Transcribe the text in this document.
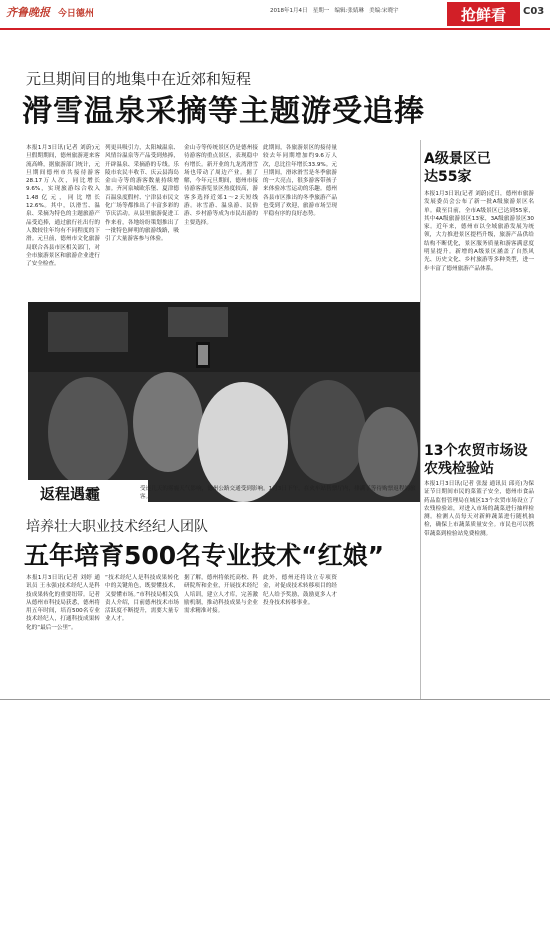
齐鲁晚报 今日德州	2018年1月4日 星期一 编辑:张婧琳 美编:宋晓宇	抢鲜看	C03
元旦期间目的地集中在近郊和短程
滑雪温泉采摘等主题游受追捧
本报1月3日讯(记者 刘蔚)元旦假期期间，德州旅游迎来客流高峰，据旅游部门统计，元旦期间德州市共接待游客28.17万人次，同比增长9.6%，实现旅游综合收入1.48亿元，同比增长12.6%。其中，以滑雪、温泉、采摘为特色的主题旅游产品受追捧，通过旅行社出行的人数较往年均有不同程度的下滑。元旦前，德州市文化旅游局联合各县市区相关部门，对全市旅游景区和旅游企业进行了安全检查。
列更具吸引力，太阳城温泉、风情谷温泉等产品受到热捧，开辟温泉、采摘游的专线。乐陵市农民丰收节、庆云县海岛金山寺等的游客数量持续增加。齐河泉城欧乐堡、夏津德百温泉度假村、宁津县市民文化广场等都推出了丰富多彩的节庆活动。从县里旅游促进工作来看，各地纷纷策划推出了一批特色鲜明的旅游线路，吸引了大量游客参与体验。
金山寺等传统景区仍是德州接待游客的重点景区，表现稳中有增长。新开业的九龙湾滑雪场也带动了周边产业。据了解，今年元旦期间，德州市接待游客游览景区热度较高，游客多选择近郊1～2天短线游。冰雪游、温泉游、民俗游、乡村游等成为市民出游的主要选择。
此期间，各旅游景区的接待量较去年同期增加约9.6万人次，总比往年增长33.9%。元旦期间，滑冰滑雪是冬季旅游的一大亮点，很多游客带孩子来体验冰雪运动的乐趣。德州各县市区推出的冬季旅游产品也受到了欢迎，旅游市场呈现平稳有序的良好态势。
返程遇霾	受连几天的雾霾天气影响，德州公路交通受到影响。1月3日下午，在火车站售票厅内，排满了等待购票返程的旅客。
A级景区已达55家
本报1月3日讯(记者 刘蔚)近日，德州市旅游发展委员会公布了新一批A级旅游景区名单。截至目前，全市A级景区已达到55家，其中4A级旅游景区13家，3A级旅游景区30家。近年来，德州市以全域旅游发展为统领，大力推进景区提档升级，旅游产品供给结构不断优化，景区服务质量和游客满意度明显提升。新增的A级景区涵盖了自然风光、历史文化、乡村旅游等多种类型，进一步丰富了德州旅游产品体系。
13个农贸市场设农残检验站
本报1月3日讯(记者 张磊 通讯员 邱亮)为保证节日期间市民的菜篮子安全，德州市食品药品监督管理局在城区13个农贸市场设立了农残检验站，对进入市场的蔬菜进行抽样检测。检测人员每天对新鲜蔬菜进行随机抽检，确保上市蔬菜质量安全。市民也可以携带蔬菜到检验站免费检测。
培养壮大职业技术经纪人团队
五年培育500名专业技术“红娘”
本报1月3日讯(记者 刘婷 通讯员 王永强)技术经纪人是科技成果转化的重要纽带。记者从德州市科技局获悉，德州将用五年时间，培育500名专业技术经纪人，打通科技成果转化的“最后一公里”。
“技术经纪人是科技成果转化中的关键角色，既要懂技术，又要懂市场。”市科技局相关负责人介绍，目前德州技术市场活跃度不断提升，需要大量专业人才。
据了解，德州将依托高校、科研院所和企业，开展技术经纪人培训，建立人才库，完善激励机制，推动科技成果与企业需求精准对接。
此外，德州还将设立专项资金，对促成技术转移项目的经纪人给予奖励，鼓励更多人才投身技术转移事业。
